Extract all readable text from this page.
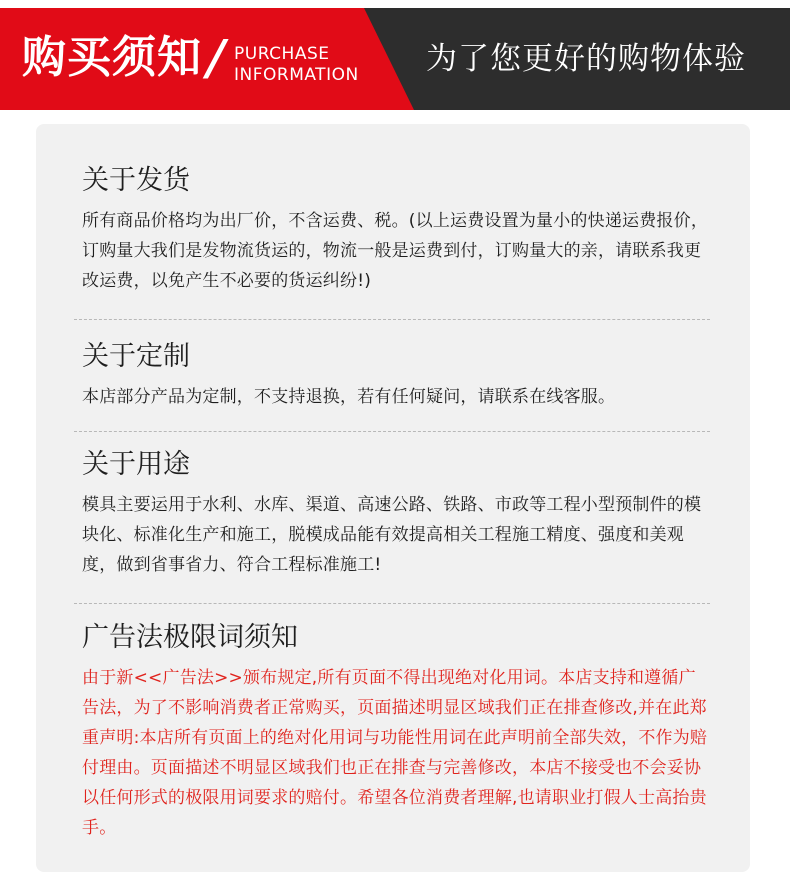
购买须知 / PURCHASE
INFORMATION 为了您更好的购物体验
关于发货

所有商品价格均为出厂价，不含运费、税。(以上运费设置为量小的快递运费报价，订购量大我们是发物流货运的，物流一般是运费到付，订购量大的亲，请联系我更改运费，以免产生不必要的货运纠纷!)

关于定制

本店部分产品为定制，不支持退换，若有任何疑问，请联系在线客服。

关于用途

模具主要运用于水利、水库、渠道、高速公路、铁路、市政等工程小型预制件的模块化、标准化生产和施工，脱模成品能有效提高相关工程施工精度、强度和美观度，做到省事省力、符合工程标准施工!

广告法极限词须知

由于新<<广告法>>颁布规定,所有页面不得出现绝对化用词。本店支持和遵循广告法，为了不影响消费者正常购买，页面描述明显区域我们正在排查修改,并在此郑重声明:本店所有页面上的绝对化用词与功能性用词在此声明前全部失效，不作为赔付理由。页面描述不明显区域我们也正在排查与完善修改，本店不接受也不会妥协以任何形式的极限用词要求的赔付。希望各位消费者理解,也请职业打假人士高抬贵手。
